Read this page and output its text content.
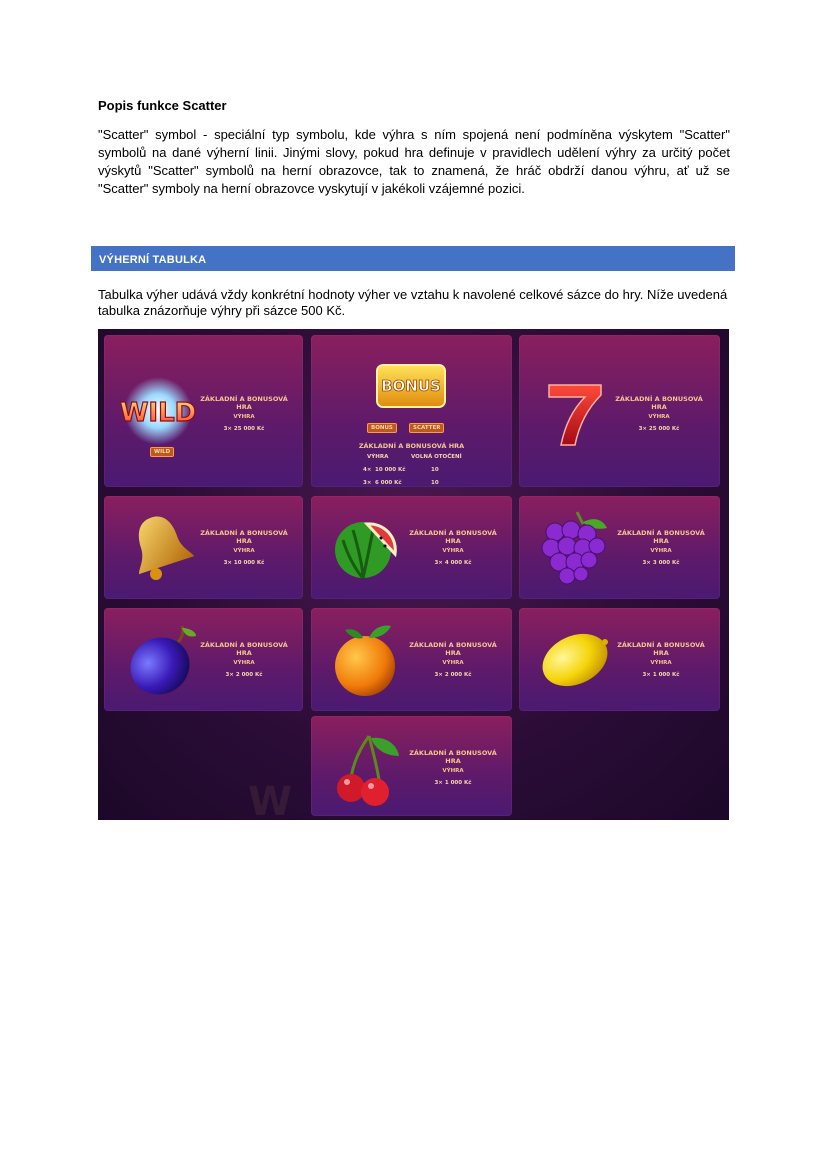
Popis funkce Scatter

"Scatter" symbol - speciální typ symbolu, kde výhra s ním spojená není podmíněna výskytem "Scatter" symbolů na dané výherní linii. Jinými slovy, pokud hra definuje v pravidlech udělení výhry za určitý počet výskytů "Scatter" symbolů na herní obrazovce, tak to znamená, že hráč obdrží danou výhru, ať už se "Scatter" symboly na herní obrazovce vyskytují v jakékoli vzájemné pozici.

VÝHERNÍ TABULKA

Tabulka výher udává vždy konkrétní hodnoty výher ve vztahu k navolené celkové sázce do hry. Níže uvedená tabulka znázorňuje výhry při sázce 500 Kč.

W
WILD
WILD
ZÁKLADNÍ A BONUSOVÁ HRA
VÝHRA
3× 25 000 Kč
BONUS
BONUS	SCATTER
ZÁKLADNÍ A BONUSOVÁ HRA
VÝHRA	VOLNÁ OTOČENÍ
4× 10 000 Kč	10
3× 6 000 Kč	10
ZÁKLADNÍ A BONUSOVÁ HRA
VÝHRA
3× 25 000 Kč
ZÁKLADNÍ A BONUSOVÁ HRA
VÝHRA
3× 10 000 Kč
ZÁKLADNÍ A BONUSOVÁ HRA
VÝHRA
3× 4 000 Kč
ZÁKLADNÍ A BONUSOVÁ HRA
VÝHRA
3× 3 000 Kč
ZÁKLADNÍ A BONUSOVÁ HRA
VÝHRA
3× 2 000 Kč
ZÁKLADNÍ A BONUSOVÁ HRA
VÝHRA
3× 2 000 Kč
ZÁKLADNÍ A BONUSOVÁ HRA
VÝHRA
3× 1 000 Kč
ZÁKLADNÍ A BONUSOVÁ HRA
VÝHRA
3× 1 000 Kč
